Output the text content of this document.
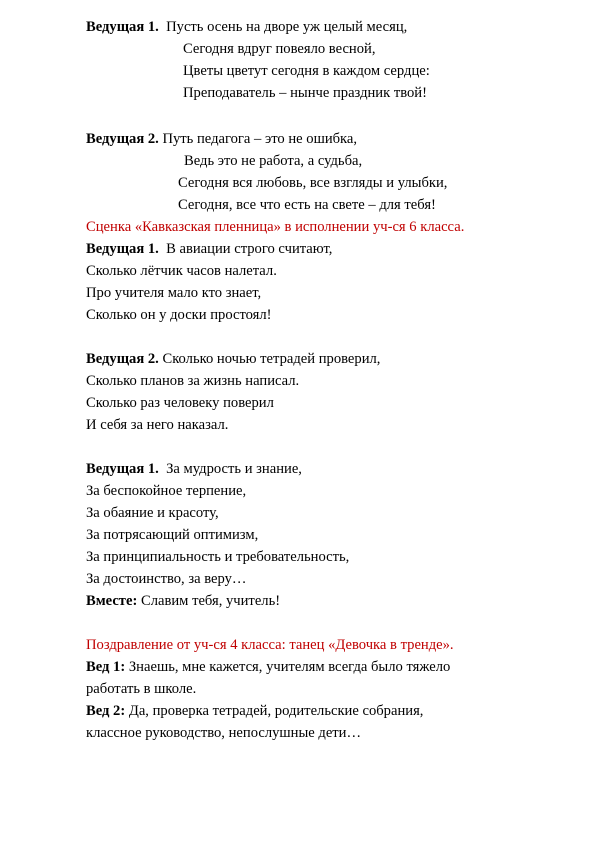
Ведущая 1. Пусть осень на дворе уж целый месяц,
Сегодня вдруг повеяло весной,
Цветы цветут сегодня в каждом сердце:
Преподаватель – нынче праздник твой!
Ведущая 2. Путь педагога – это не ошибка,
Ведь это не работа, а судьба,
Сегодня вся любовь, все взгляды и улыбки,
Сегодня, все что есть на свете – для тебя!
Сценка «Кавказская пленница» в исполнении уч-ся 6 класса.
Ведущая 1. В авиации строго считают,
Сколько лётчик часов налетал.
Про учителя мало кто знает,
Сколько он у доски простоял!
Ведущая 2. Сколько ночью тетрадей проверил,
Сколько планов за жизнь написал.
Сколько раз человеку поверил
И себя за него наказал.
Ведущая 1. За мудрость и знание,
За беспокойное терпение,
За обаяние и красоту,
За потрясающий оптимизм,
За принципиальность и требовательность,
За достоинство, за веру…
Вместе: Славим тебя, учитель!
Поздравление от уч-ся 4 класса: танец «Девочка в тренде».
Вед 1: Знаешь, мне кажется, учителям всегда было тяжело
работать в школе.
Вед 2: Да, проверка тетрадей, родительские собрания,
классное руководство, непослушные дети…
